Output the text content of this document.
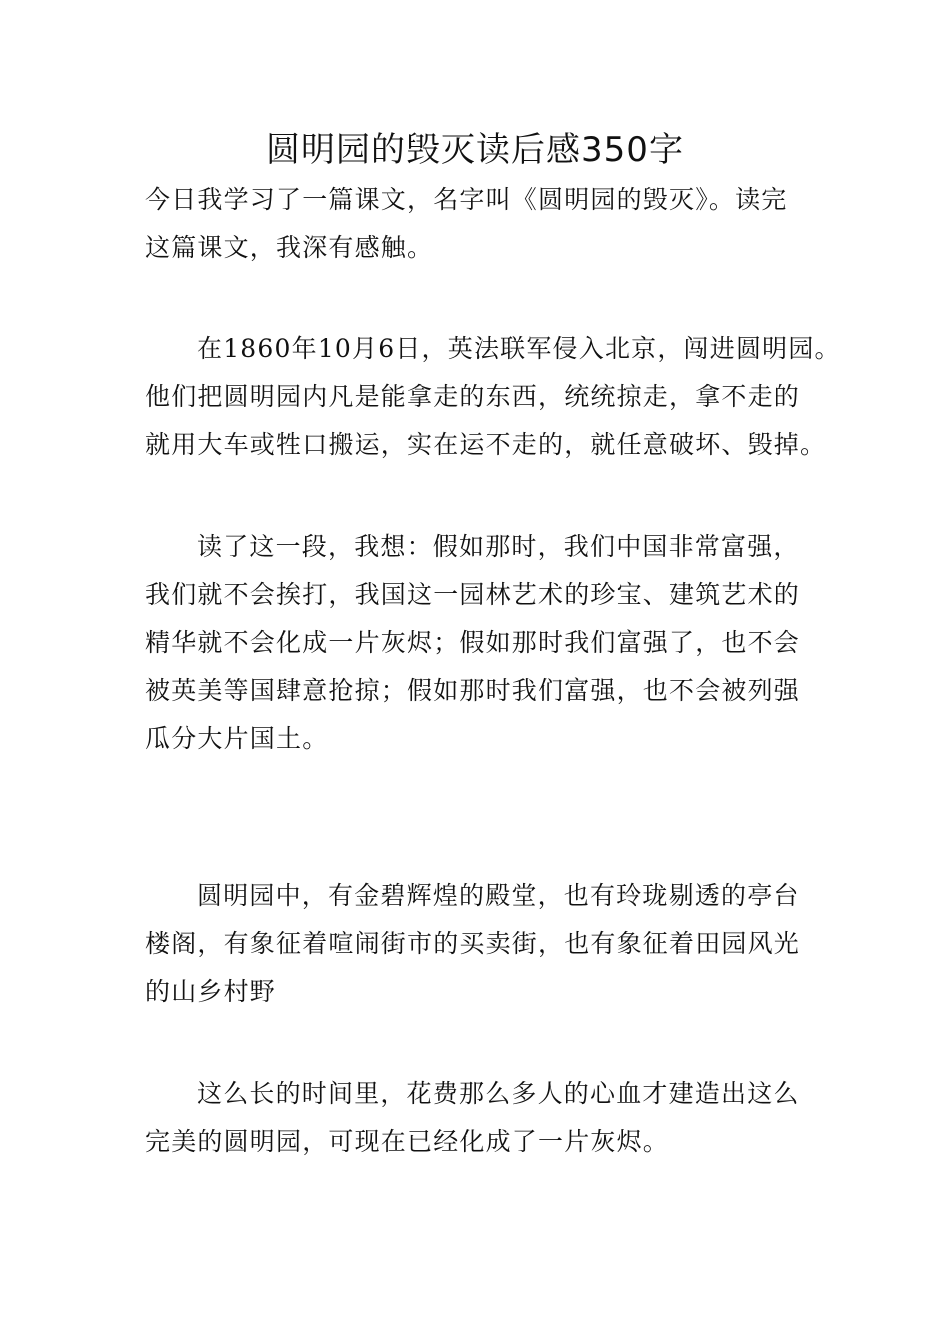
圆明园的毁灭读后感350字
今日我学习了一篇课文，名字叫《圆明园的毁灭》。读完
这篇课文，我深有感触。
在1860年10月6日，英法联军侵入北京，闯进圆明园。
他们把圆明园内凡是能拿走的东西，统统掠走，拿不走的
就用大车或牲口搬运，实在运不走的，就任意破坏、毁掉。
读了这一段，我想：假如那时，我们中国非常富强，
我们就不会挨打，我国这一园林艺术的珍宝、建筑艺术的
精华就不会化成一片灰烬；假如那时我们富强了，也不会
被英美等国肆意抢掠；假如那时我们富强，也不会被列强
瓜分大片国土。
圆明园中，有金碧辉煌的殿堂，也有玲珑剔透的亭台
楼阁，有象征着喧闹街市的买卖街，也有象征着田园风光
的山乡村野
这么长的时间里，花费那么多人的心血才建造出这么
完美的圆明园，可现在已经化成了一片灰烬。
